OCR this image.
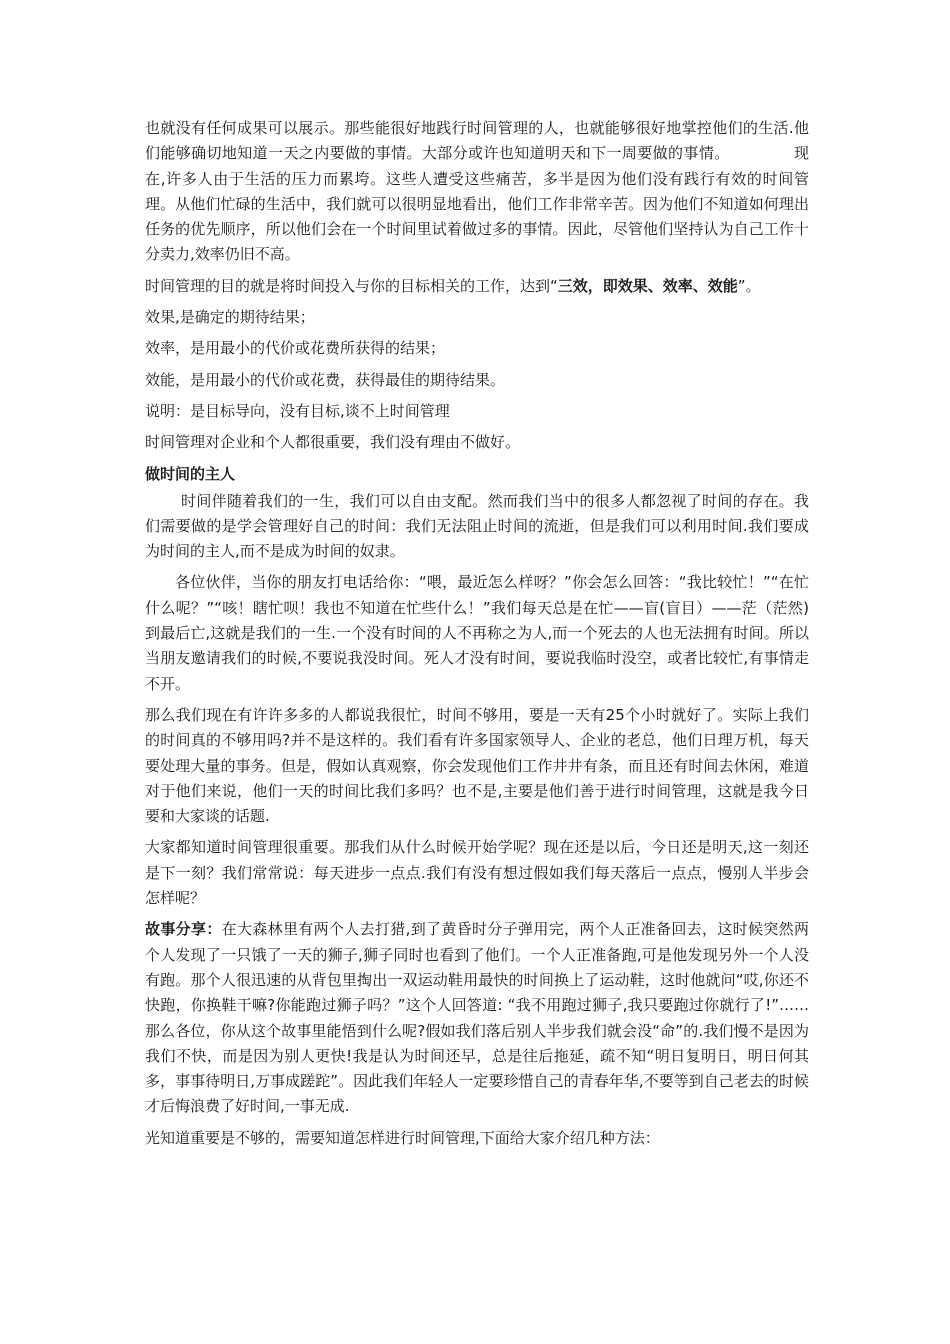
也就没有任何成果可以展示。那些能很好地践行时间管理的人，也就能够很好地掌控他们的生活.他们能够确切地知道一天之内要做的事情。大部分或许也知道明天和下一周要做的事情。	现在,许多人由于生活的压力而累垮。这些人遭受这些痛苦，多半是因为他们没有践行有效的时间管理。从他们忙碌的生活中，我们就可以很明显地看出，他们工作非常辛苦。因为他们不知道如何理出任务的优先顺序，所以他们会在一个时间里试着做过多的事情。因此，尽管他们坚持认为自己工作十分卖力,效率仍旧不高。

时间管理的目的就是将时间投入与你的目标相关的工作，达到“三效，即效果、效率、效能”。

效果,是确定的期待结果；

效率，是用最小的代价或花费所获得的结果；

效能，是用最小的代价或花费，获得最佳的期待结果。

说明：是目标导向，没有目标,谈不上时间管理

时间管理对企业和个人都很重要，我们没有理由不做好。

做时间的主人

时间伴随着我们的一生，我们可以自由支配。然而我们当中的很多人都忽视了时间的存在。我们需要做的是学会管理好自己的时间：我们无法阻止时间的流逝，但是我们可以利用时间.我们要成为时间的主人,而不是成为时间的奴隶。

各位伙伴，当你的朋友打电话给你：“喂，最近怎么样呀？”你会怎么回答：“我比较忙！”“在忙什么呢？”“咳！瞎忙呗！我也不知道在忙些什么！”我们每天总是在忙——盲(盲目）——茫（茫然)到最后亡,这就是我们的一生.一个没有时间的人不再称之为人,而一个死去的人也无法拥有时间。所以当朋友邀请我们的时候,不要说我没时间。死人才没有时间，要说我临时没空，或者比较忙,有事情走不开。

那么我们现在有许许多多的人都说我很忙，时间不够用，要是一天有25个小时就好了。实际上我们的时间真的不够用吗?并不是这样的。我们看有许多国家领导人、企业的老总，他们日理万机，每天要处理大量的事务。但是，假如认真观察，你会发现他们工作井井有条，而且还有时间去休闲，难道对于他们来说，他们一天的时间比我们多吗？也不是,主要是他们善于进行时间管理，这就是我今日要和大家谈的话题.

大家都知道时间管理很重要。那我们从什么时候开始学呢？现在还是以后，今日还是明天,这一刻还是下一刻？我们常常说：每天进步一点点.我们有没有想过假如我们每天落后一点点，慢别人半步会怎样呢？

故事分享：在大森林里有两个人去打猎,到了黄昏时分子弹用完，两个人正准备回去，这时候突然两个人发现了一只饿了一天的狮子,狮子同时也看到了他们。一个人正准备跑,可是他发现另外一个人没有跑。那个人很迅速的从背包里掏出一双运动鞋用最快的时间换上了运动鞋，这时他就问“哎,你还不快跑，你换鞋干嘛?你能跑过狮子吗？”这个人回答道: “我不用跑过狮子,我只要跑过你就行了!”……那么各位，你从这个故事里能悟到什么呢?假如我们落后别人半步我们就会没“命”的.我们慢不是因为我们不快，而是因为别人更快!我是认为时间还早，总是往后拖延，疏不知“明日复明日，明日何其多，事事待明日,万事成蹉跎”。因此我们年轻人一定要珍惜自己的青春年华,不要等到自己老去的时候才后悔浪费了好时间,一事无成.

光知道重要是不够的，需要知道怎样进行时间管理,下面给大家介绍几种方法：
